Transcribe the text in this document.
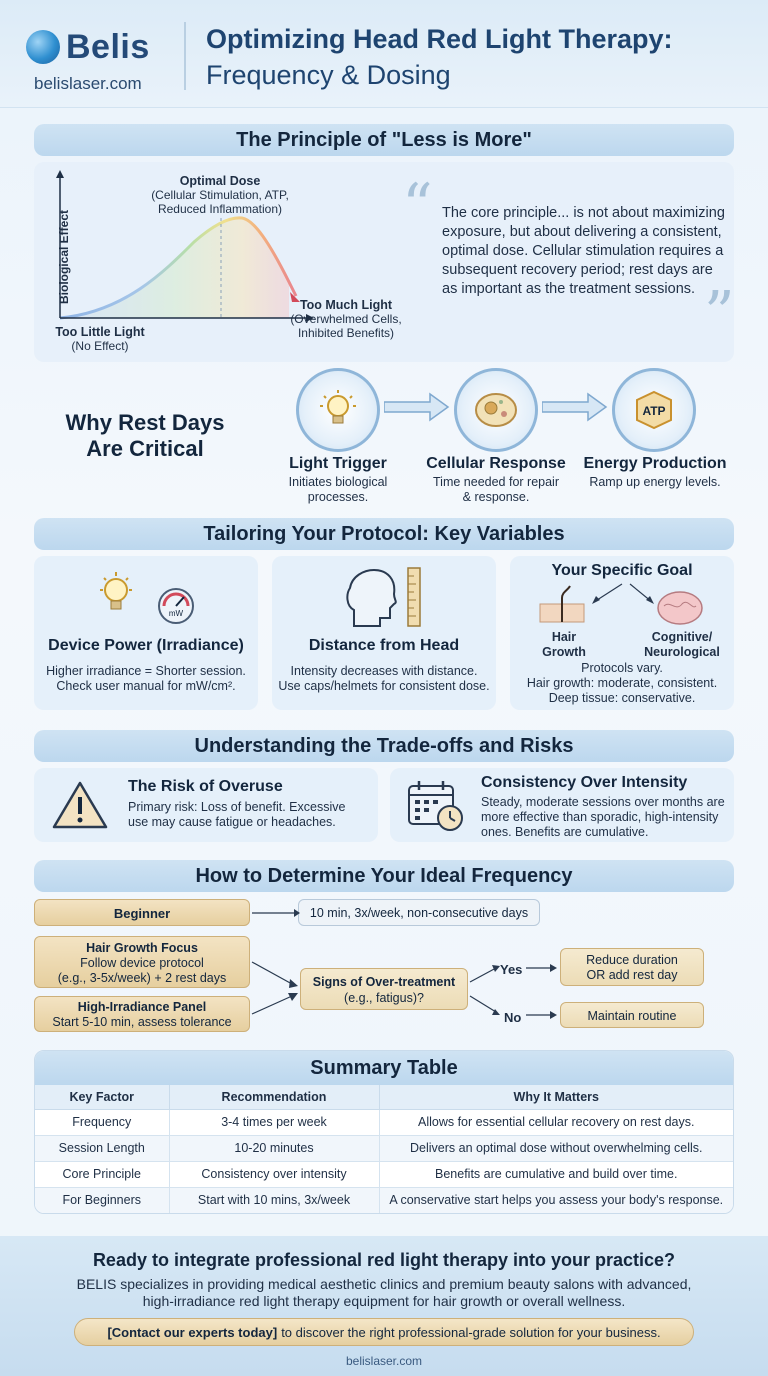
Belis
belislaser.com
Optimizing Head Red Light Therapy:
Frequency & Dosing
The Principle of "Less is More"
Biological Effect
Optimal Dose
(Cellular Stimulation, ATP,
Reduced Inflammation)
Too Much Light
(Overwhelmed Cells,
Inhibited Benefits)
Too Little Light
(No Effect)
“ The core principle... is not about maximizing exposure, but about delivering a consistent, optimal dose. Cellular stimulation requires a subsequent recovery period; rest days are as important as the treatment sessions. ”
Why Rest Days
Are Critical
ATP
Light Trigger
Initiates biological
processes.
Cellular Response
Time needed for repair
& response.
Energy Production
Ramp up energy levels.
Tailoring Your Protocol: Key Variables
mW
Device Power (Irradiance)
Higher irradiance = Shorter session.
Check user manual for mW/cm².
Distance from Head
Intensity decreases with distance.
Use caps/helmets for consistent dose.
Your Specific Goal
Hair
Growth
Cognitive/
Neurological
Protocols vary.
Hair growth: moderate, consistent.
Deep tissue: conservative.
Understanding the Trade-offs and Risks
The Risk of Overuse
Primary risk: Loss of benefit. Excessive
use may cause fatigue or headaches.
Consistency Over Intensity
Steady, moderate sessions over months are
more effective than sporadic, high-intensity
ones. Benefits are cumulative.
How to Determine Your Ideal Frequency
Beginner	10 min, 3x/week, non-consecutive days
Hair Growth Focus
Follow device protocol
(e.g., 3-5x/week) + 2 rest days
High-Irradiance Panel
Start 5-10 min, assess tolerance
Signs of Over-treatment
(e.g., fatigus)?
Yes
No
Reduce duration
OR add rest day
Maintain routine
Summary Table
Key Factor	Recommendation	Why It Matters
Frequency	3-4 times per week	Allows for essential cellular recovery on rest days.
Session Length	10-20 minutes	Delivers an optimal dose without overwhelming cells.
Core Principle	Consistency over intensity	Benefits are cumulative and build over time.
For Beginners	Start with 10 mins, 3x/week	A conservative start helps you assess your body's response.
Ready to integrate professional red light therapy into your practice?
BELIS specializes in providing medical aesthetic clinics and premium beauty salons with advanced, high-irradiance red light therapy equipment for hair growth or overall wellness.
[Contact our experts today] to discover the right professional-grade solution for your business.
belislaser.com
